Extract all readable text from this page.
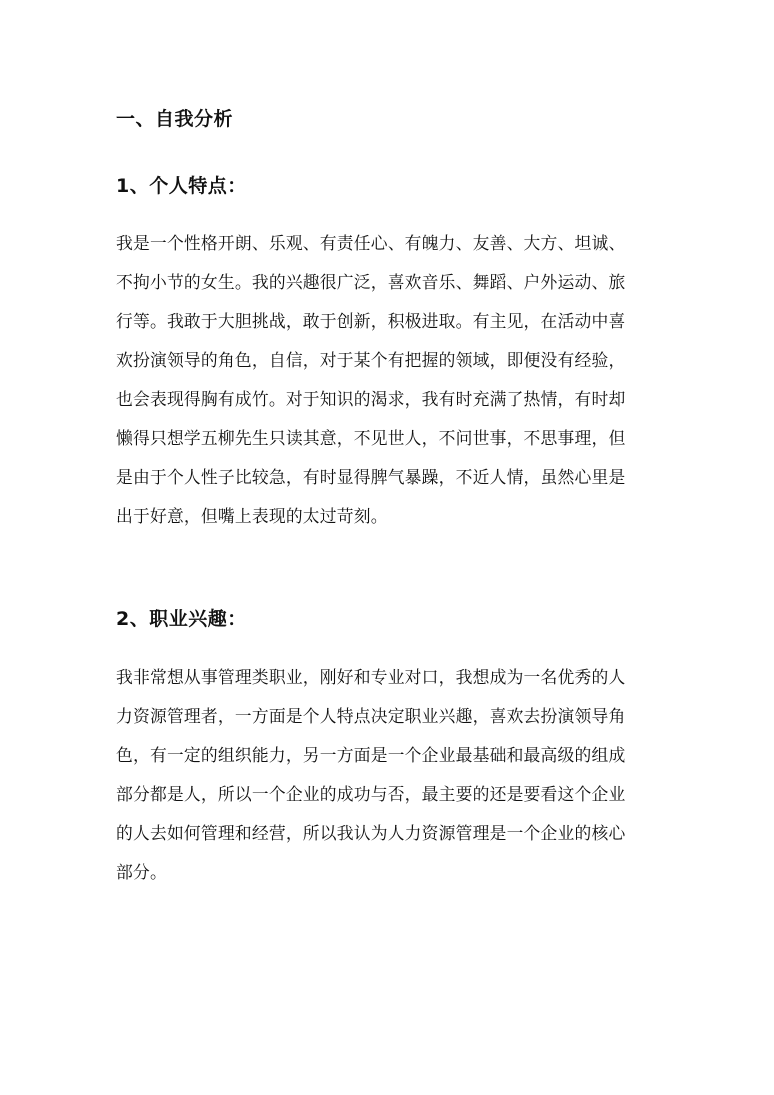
一、自我分析
1、个人特点：

我是一个性格开朗、乐观、有责任心、有魄力、友善、大方、坦诚、

不拘小节的女生。我的兴趣很广泛，喜欢音乐、舞蹈、户外运动、旅

行等。我敢于大胆挑战，敢于创新，积极进取。有主见，在活动中喜

欢扮演领导的角色，自信，对于某个有把握的领域，即便没有经验，

也会表现得胸有成竹。对于知识的渴求，我有时充满了热情，有时却

懒得只想学五柳先生只读其意，不见世人，不问世事，不思事理，但

是由于个人性子比较急，有时显得脾气暴躁，不近人情，虽然心里是

出于好意，但嘴上表现的太过苛刻。

2、职业兴趣：

我非常想从事管理类职业，刚好和专业对口，我想成为一名优秀的人

力资源管理者，一方面是个人特点决定职业兴趣，喜欢去扮演领导角

色，有一定的组织能力，另一方面是一个企业最基础和最高级的组成

部分都是人，所以一个企业的成功与否，最主要的还是要看这个企业

的人去如何管理和经营，所以我认为人力资源管理是一个企业的核心

部分。
